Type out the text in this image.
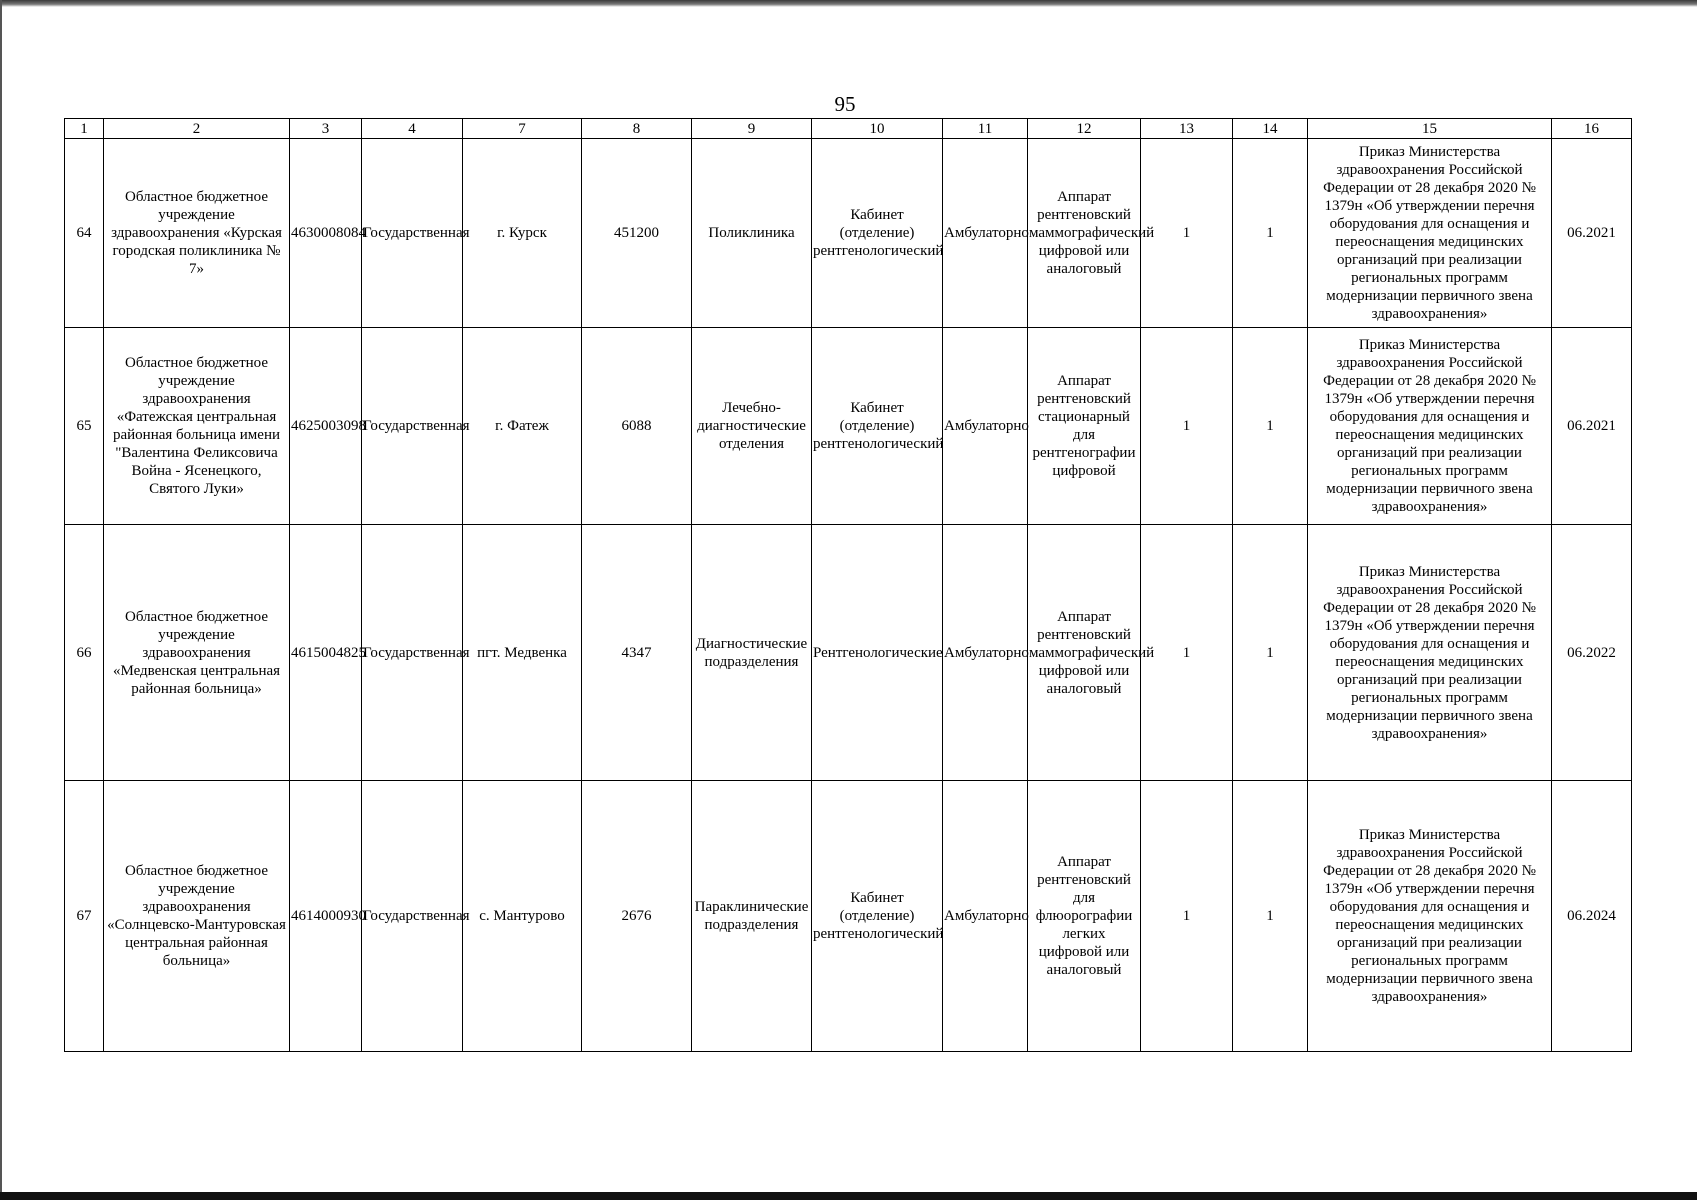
95
1	2	3	4	7	8	9	10	11	12	13	14	15	16
64	Областное бюджетное учреждение здравоохранения «Курская городская поликлиника № 7»	4630008084	Государственная	г. Курск	451200	Поликлиника	Кабинет (отделение) рентгенологический	Амбулаторно	Аппарат рентгеновский маммографический цифровой или аналоговый	1	1	Приказ Министерства здравоохранения Российской Федерации от 28 декабря 2020 № 1379н «Об утверждении перечня оборудования для оснащения и переоснащения медицинских организаций при реализации региональных программ модернизации первичного звена здравоохранения»	06.2021
65	Областное бюджетное учреждение здравоохранения «Фатежская центральная районная больница имени "Валентина Феликсовича Война - Ясенецкого, Святого Луки»	4625003098	Государственная	г. Фатеж	6088	Лечебно-диагностические отделения	Кабинет (отделение) рентгенологический	Амбулаторно	Аппарат рентгеновский стационарный для рентгенографии цифровой	1	1	Приказ Министерства здравоохранения Российской Федерации от 28 декабря 2020 № 1379н «Об утверждении перечня оборудования для оснащения и переоснащения медицинских организаций при реализации региональных программ модернизации первичного звена здравоохранения»	06.2021
66	Областное бюджетное учреждение здравоохранения «Медвенская центральная районная больница»	4615004825	Государственная	пгт. Медвенка	4347	Диагностические подразделения	Рентгенологические	Амбулаторно	Аппарат рентгеновский маммографический цифровой или аналоговый	1	1	Приказ Министерства здравоохранения Российской Федерации от 28 декабря 2020 № 1379н «Об утверждении перечня оборудования для оснащения и переоснащения медицинских организаций при реализации региональных программ модернизации первичного звена здравоохранения»	06.2022
67	Областное бюджетное учреждение здравоохранения «Солнцевско-Мантуровская центральная районная больница»	4614000930	Государственная	с. Мантурово	2676	Параклинические подразделения	Кабинет (отделение) рентгенологический	Амбулаторно	Аппарат рентгеновский для флюорографии легких цифровой или аналоговый	1	1	Приказ Министерства здравоохранения Российской Федерации от 28 декабря 2020 № 1379н «Об утверждении перечня оборудования для оснащения и переоснащения медицинских организаций при реализации региональных программ модернизации первичного звена здравоохранения»	06.2024
